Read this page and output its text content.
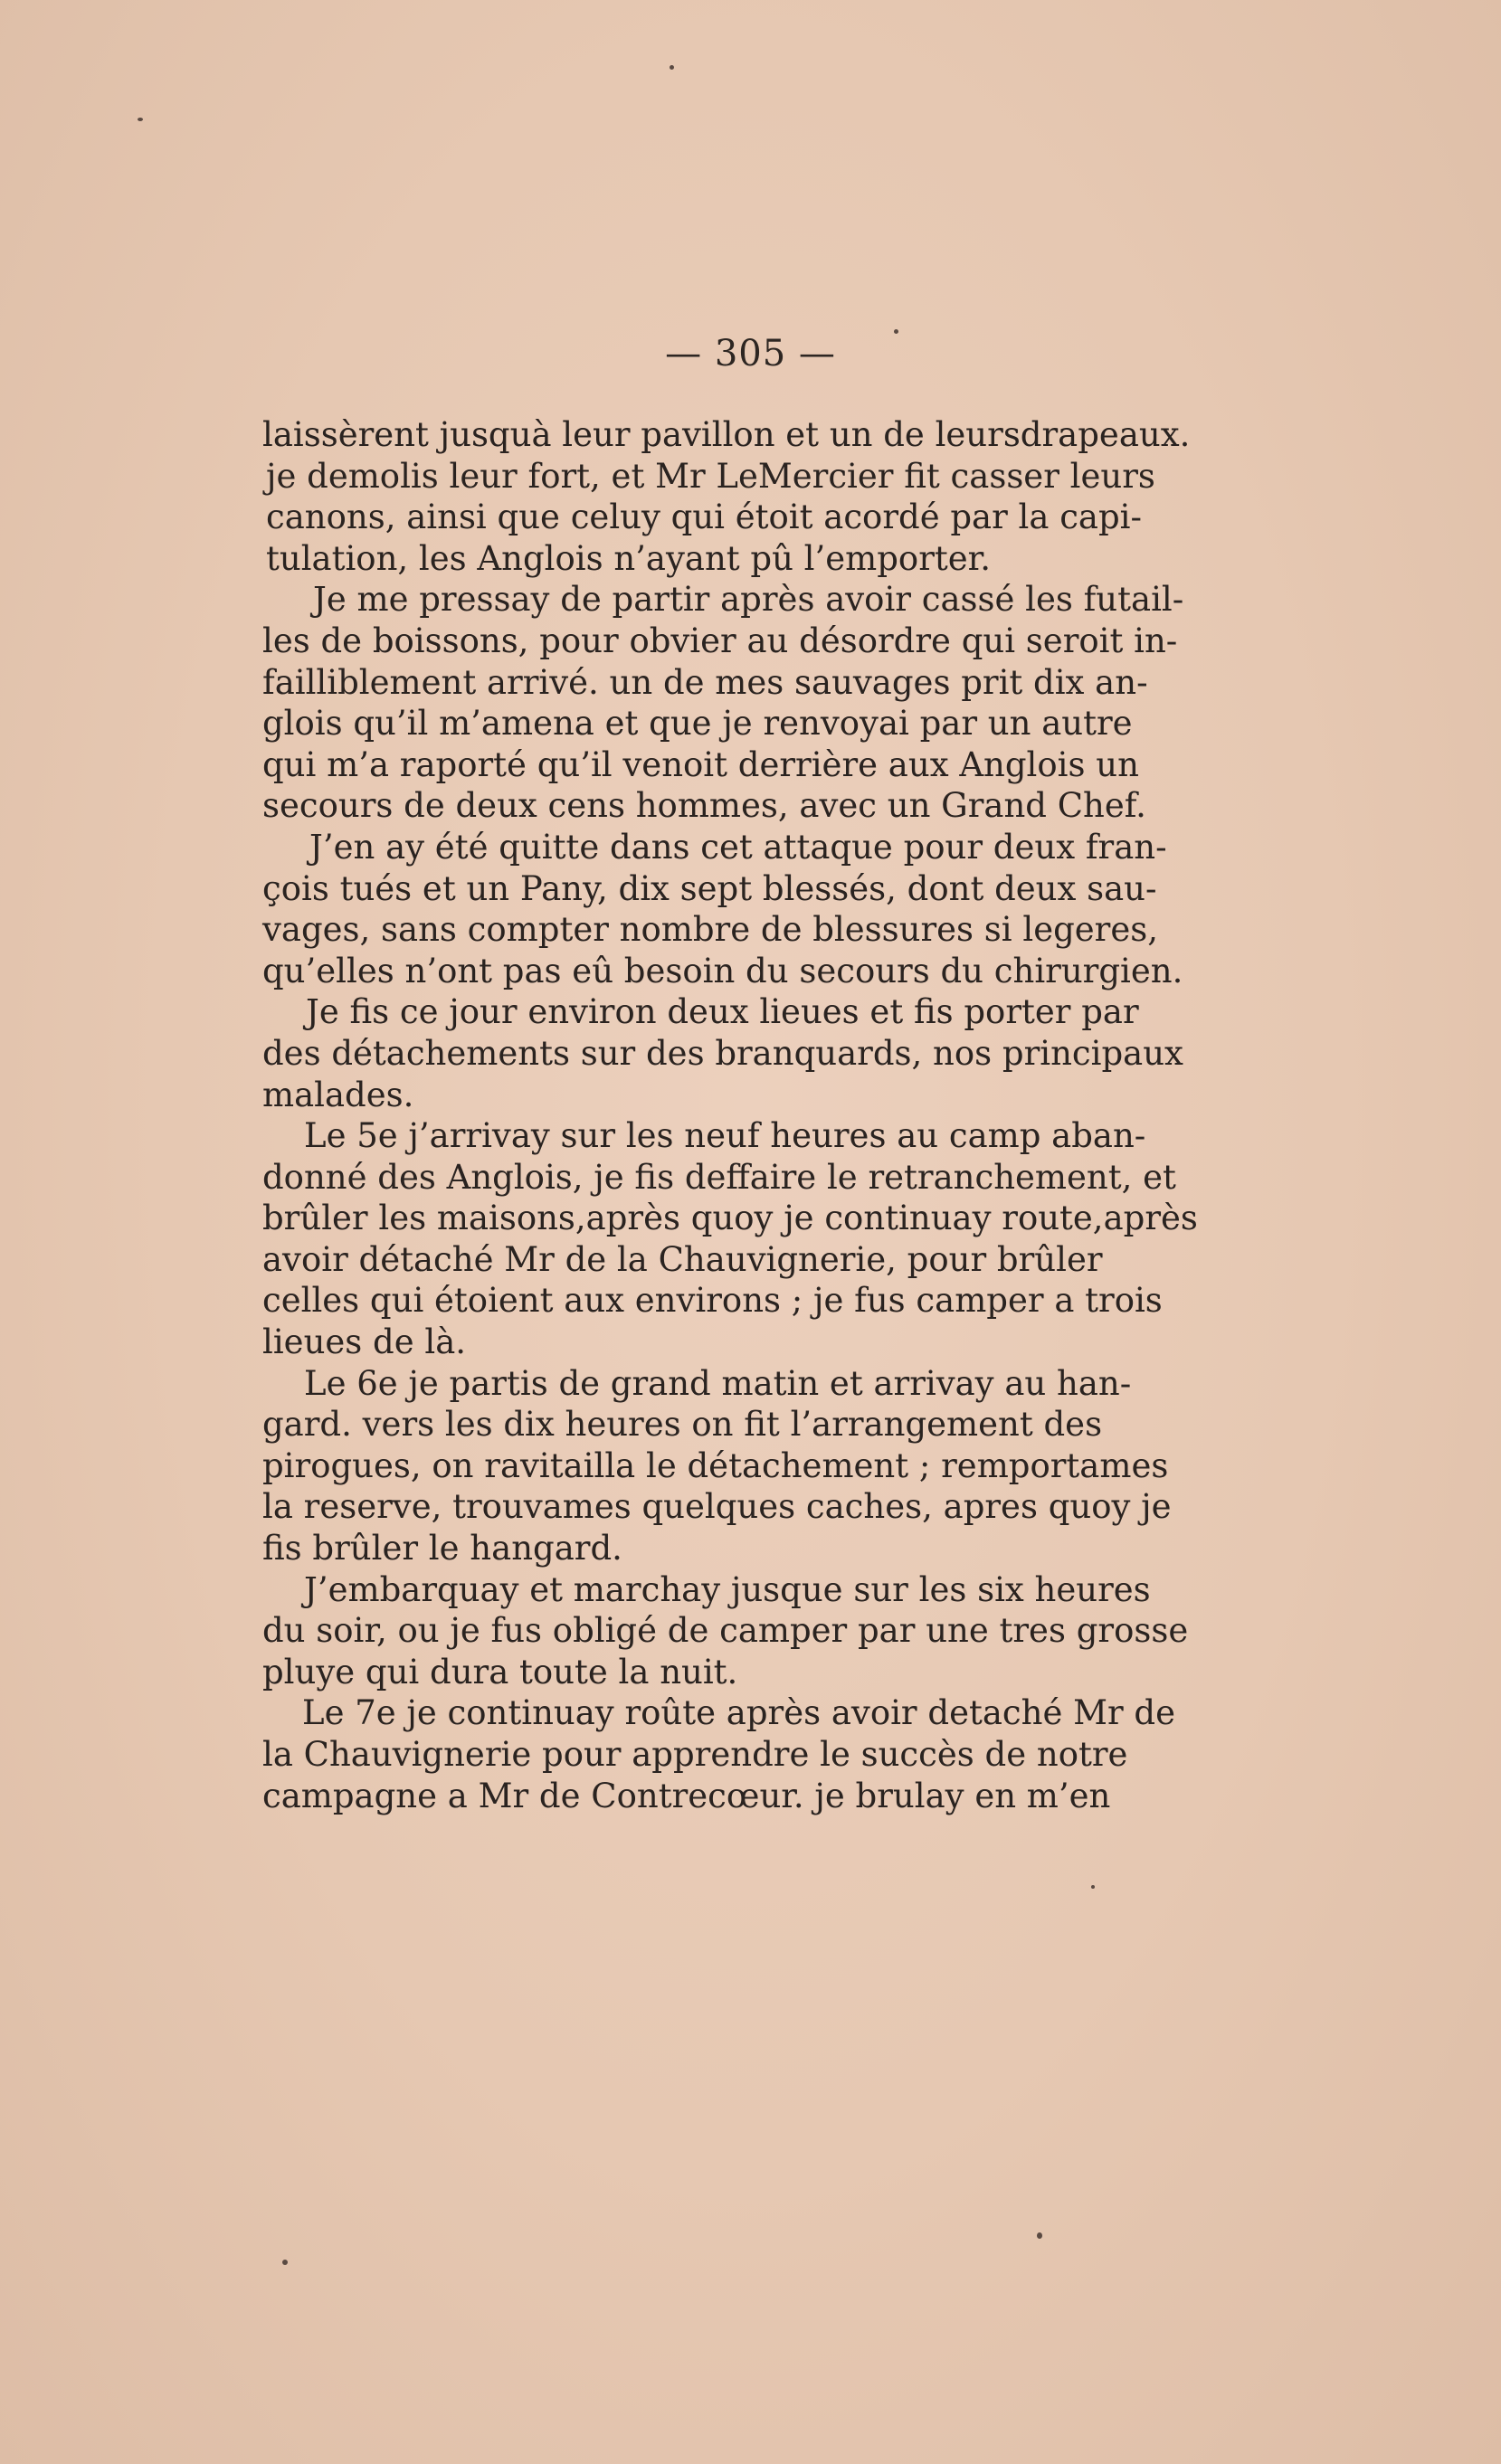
— 305 —
laissèrent jusquà leur pavillon et un de leursdrapeaux.
je demolis leur fort, et Mr LeMercier fit casser leurs
canons, ainsi que celuy qui étoit acordé par la capi-
tulation, les Anglois n’ayant pû l’emporter.
Je me pressay de partir après avoir cassé les futail-
les de boissons, pour obvier au désordre qui seroit in-
failliblement arrivé. un de mes sauvages prit dix an-
glois qu’il m’amena et que je renvoyai par un autre
qui m’a raporté qu’il venoit derrière aux Anglois un
secours de deux cens hommes, avec un Grand Chef.
J’en ay été quitte dans cet attaque pour deux fran-
çois tués et un Pany, dix sept blessés, dont deux sau-
vages, sans compter nombre de blessures si legeres,
qu’elles n’ont pas eû besoin du secours du chirurgien.
Je fis ce jour environ deux lieues et fis porter par
des détachements sur des branquards, nos principaux
malades.
Le 5e j’arrivay sur les neuf heures au camp aban-
donné des Anglois, je fis deffaire le retranchement, et
brûler les maisons,après quoy je continuay route,après
avoir détaché Mr de la Chauvignerie, pour brûler
celles qui étoient aux environs ; je fus camper a trois
lieues de là.
Le 6e je partis de grand matin et arrivay au han-
gard. vers les dix heures on fit l’arrangement des
pirogues, on ravitailla le détachement ; remportames
la reserve, trouvames quelques caches, apres quoy je
fis brûler le hangard.
J’embarquay et marchay jusque sur les six heures
du soir, ou je fus obligé de camper par une tres grosse
pluye qui dura toute la nuit.
Le 7e je continuay roûte après avoir detaché Mr de
la Chauvignerie pour apprendre le succès de notre
campagne a Mr de Contrecœur. je brulay en m’en
